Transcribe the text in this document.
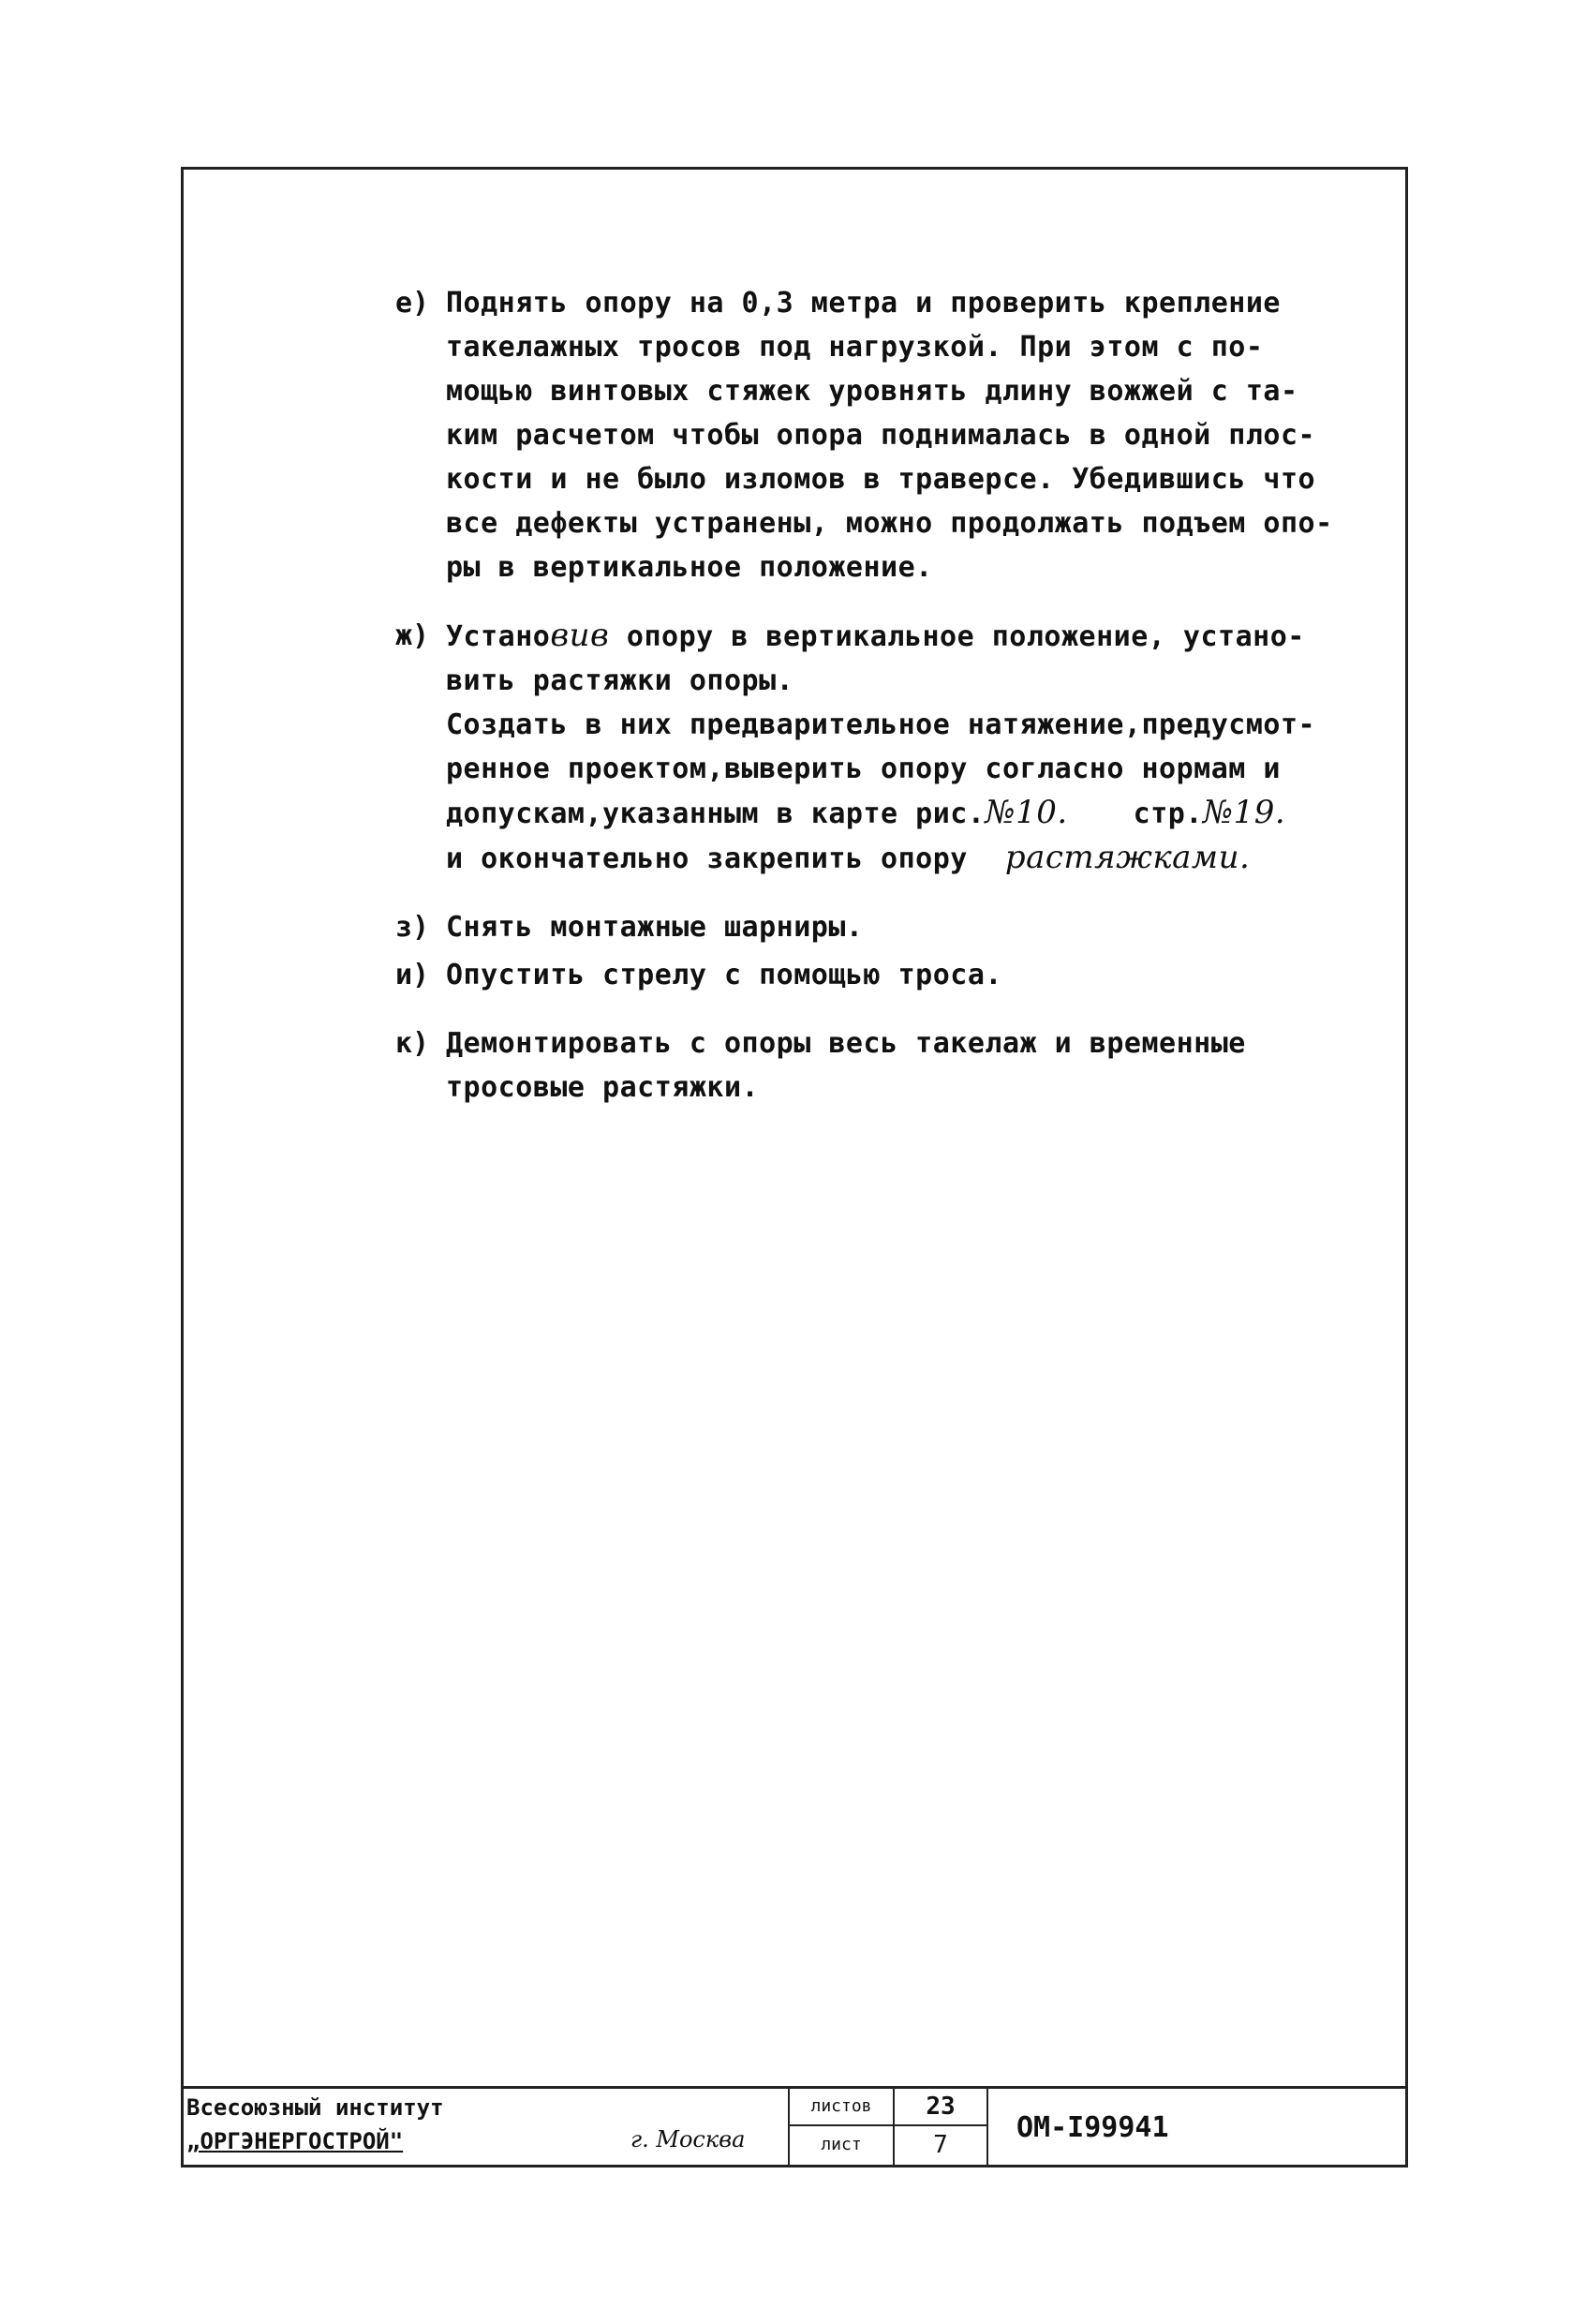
е) Поднять опору на 0,3 метра и проверить крепление
такелажных тросов под нагрузкой. При этом с по-
мощью винтовых стяжек уровнять длину вожжей с та-
ким расчетом чтобы опора поднималась в одной плос-
кости и не было изломов в траверсе. Убедившись что
все дефекты устранены, можно продолжать подъем опо-
ры в вертикальное положение.
ж) Установив опору в вертикальное положение, устано-
вить растяжки опоры.
Создать в них предварительное натяжение,предусмот-
ренное проектом,выверить опору согласно нормам и
допускам,указанным в карте рис.№10. стр.№19.
и окончательно закрепить опору растяжками.
з) Снять монтажные шарниры.
и) Опустить стрелу с помощью троса.
к) Демонтировать с опоры весь такелаж и временные
тросовые растяжки.
Всесоюзный институт
„ОРГЭНЕРГОСТРОЙ"	г. Москва
листов
лист
23
7
ОМ-І99941
